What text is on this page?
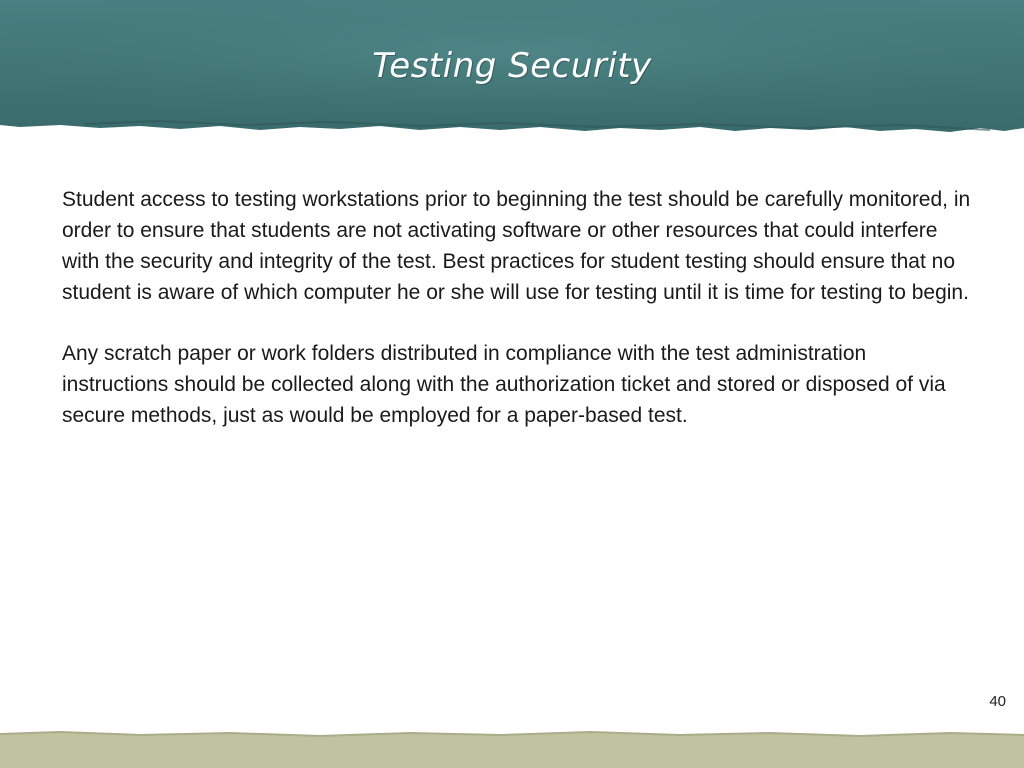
Testing Security

Student access to testing workstations prior to beginning the test should be carefully monitored, in order to ensure that students are not activating software or other resources that could interfere with the security and integrity of the test. Best practices for student testing should ensure that no student is aware of which computer he or she will use for testing until it is time for testing to begin.

Any scratch paper or work folders distributed in compliance with the test administration instructions should be collected along with the authorization ticket and stored or disposed of via secure methods, just as would be employed for a paper-based test.

40
